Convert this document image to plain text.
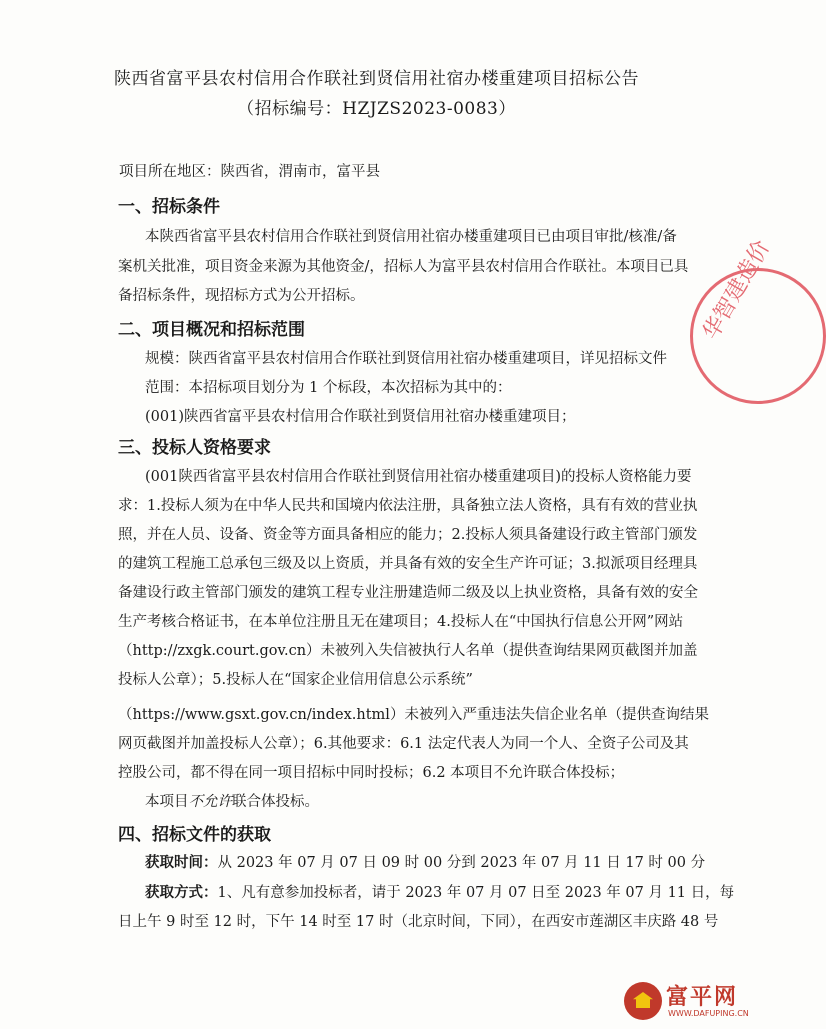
陕西省富平县农村信用合作联社到贤信用社宿办楼重建项目招标公告
（招标编号：HZJZS2023-0083）
项目所在地区：陕西省，渭南市，富平县
一、招标条件
本陕西省富平县农村信用合作联社到贤信用社宿办楼重建项目已由项目审批/核准/备
案机关批准，项目资金来源为其他资金/，招标人为富平县农村信用合作联社。本项目已具
备招标条件，现招标方式为公开招标。
二、项目概况和招标范围
规模：陕西省富平县农村信用合作联社到贤信用社宿办楼重建项目，详见招标文件
范围：本招标项目划分为 1 个标段，本次招标为其中的：
(001)陕西省富平县农村信用合作联社到贤信用社宿办楼重建项目；
三、投标人资格要求
(001陕西省富平县农村信用合作联社到贤信用社宿办楼重建项目)的投标人资格能力要
求：1.投标人须为在中华人民共和国境内依法注册，具备独立法人资格，具有有效的营业执
照，并在人员、设备、资金等方面具备相应的能力；2.投标人须具备建设行政主管部门颁发
的建筑工程施工总承包三级及以上资质，并具备有效的安全生产许可证；3.拟派项目经理具
备建设行政主管部门颁发的建筑工程专业注册建造师二级及以上执业资格，具备有效的安全
生产考核合格证书，在本单位注册且无在建项目；4.投标人在“中国执行信息公开网”网站
（http://zxgk.court.gov.cn）未被列入失信被执行人名单（提供查询结果网页截图并加盖
投标人公章）；5.投标人在“国家企业信用信息公示系统”
（https://www.gsxt.gov.cn/index.html）未被列入严重违法失信企业名单（提供查询结果
网页截图并加盖投标人公章）；6.其他要求：6.1 法定代表人为同一个人、全资子公司及其
控股公司，都不得在同一项目招标中同时投标；6.2 本项目不允许联合体投标；
本项目不允许联合体投标。
四、招标文件的获取
获取时间：从 2023 年 07 月 07 日 09 时 00 分到 2023 年 07 月 11 日 17 时 00 分
获取方式：1、凡有意参加投标者，请于 2023 年 07 月 07 日至 2023 年 07 月 11 日，每
日上午 9 时至 12 时，下午 14 时至 17 时（北京时间，下同），在西安市莲湖区丰庆路 48 号
华智建造价
富平网
WWW.DAFUPING.CN
